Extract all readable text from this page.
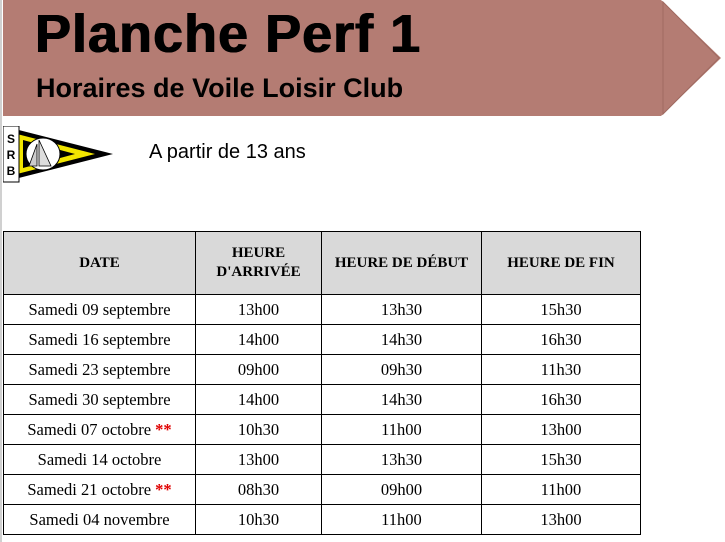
Planche Perf 1
Horaires de Voile Loisir Club
S
R
B
A partir de 13 ans
DATE	HEURE D'ARRIVÉE	HEURE DE DÉBUT	HEURE DE FIN
Samedi 09 septembre	13h00	13h30	15h30
Samedi 16 septembre	14h00	14h30	16h30
Samedi 23 septembre	09h00	09h30	11h30
Samedi 30 septembre	14h00	14h30	16h30
Samedi 07 octobre **	10h30	11h00	13h00
Samedi 14 octobre	13h00	13h30	15h30
Samedi 21 octobre **	08h30	09h00	11h00
Samedi 04 novembre	10h30	11h00	13h00
